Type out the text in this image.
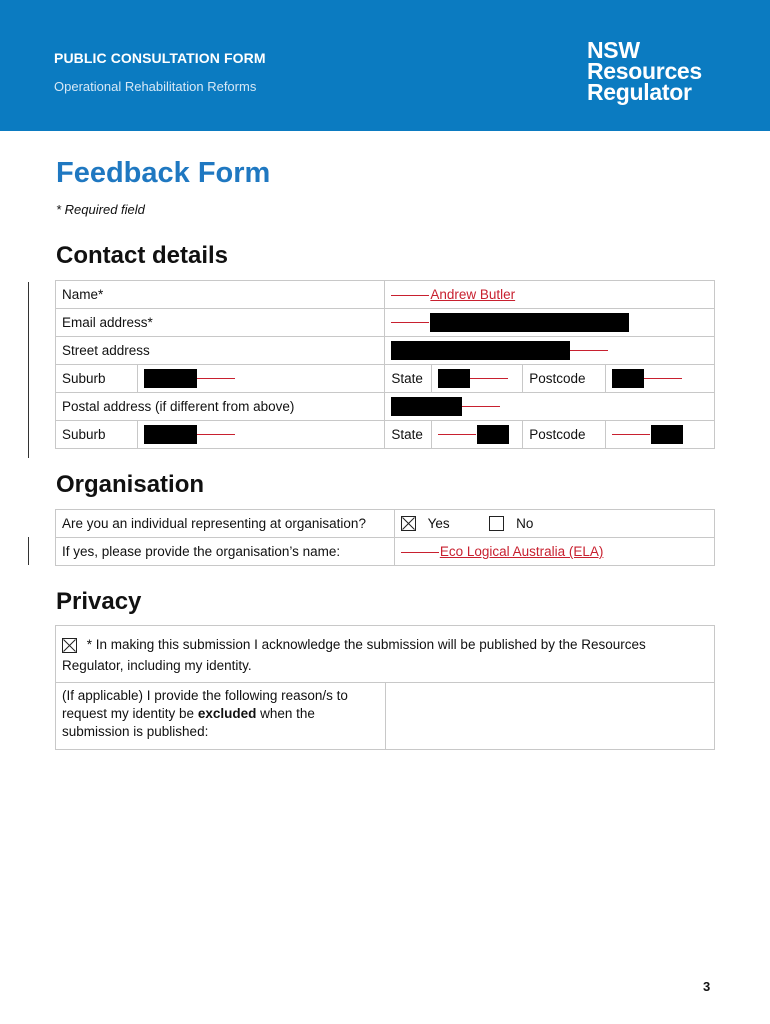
PUBLIC CONSULTATION FORM
Operational Rehabilitation Reforms
NSW
Resources
Regulator
Feedback Form
* Required field
Contact details
Name*		Andrew Butler			
Email address*					
Street address					
Suburb		State		Postcode	
Postal address (if different from above)					
Suburb		State		Postcode	
Organisation
Are you an individual representing at organisation?	Yes No
If yes, please provide the organisation’s name:	Eco Logical Australia (ELA)
Privacy
* In making this submission I acknowledge the submission will be published by the Resources
Regulator, including my identity.
(If applicable) I provide the following reason/s to
request my identity be excluded when the
submission is published:	
3
